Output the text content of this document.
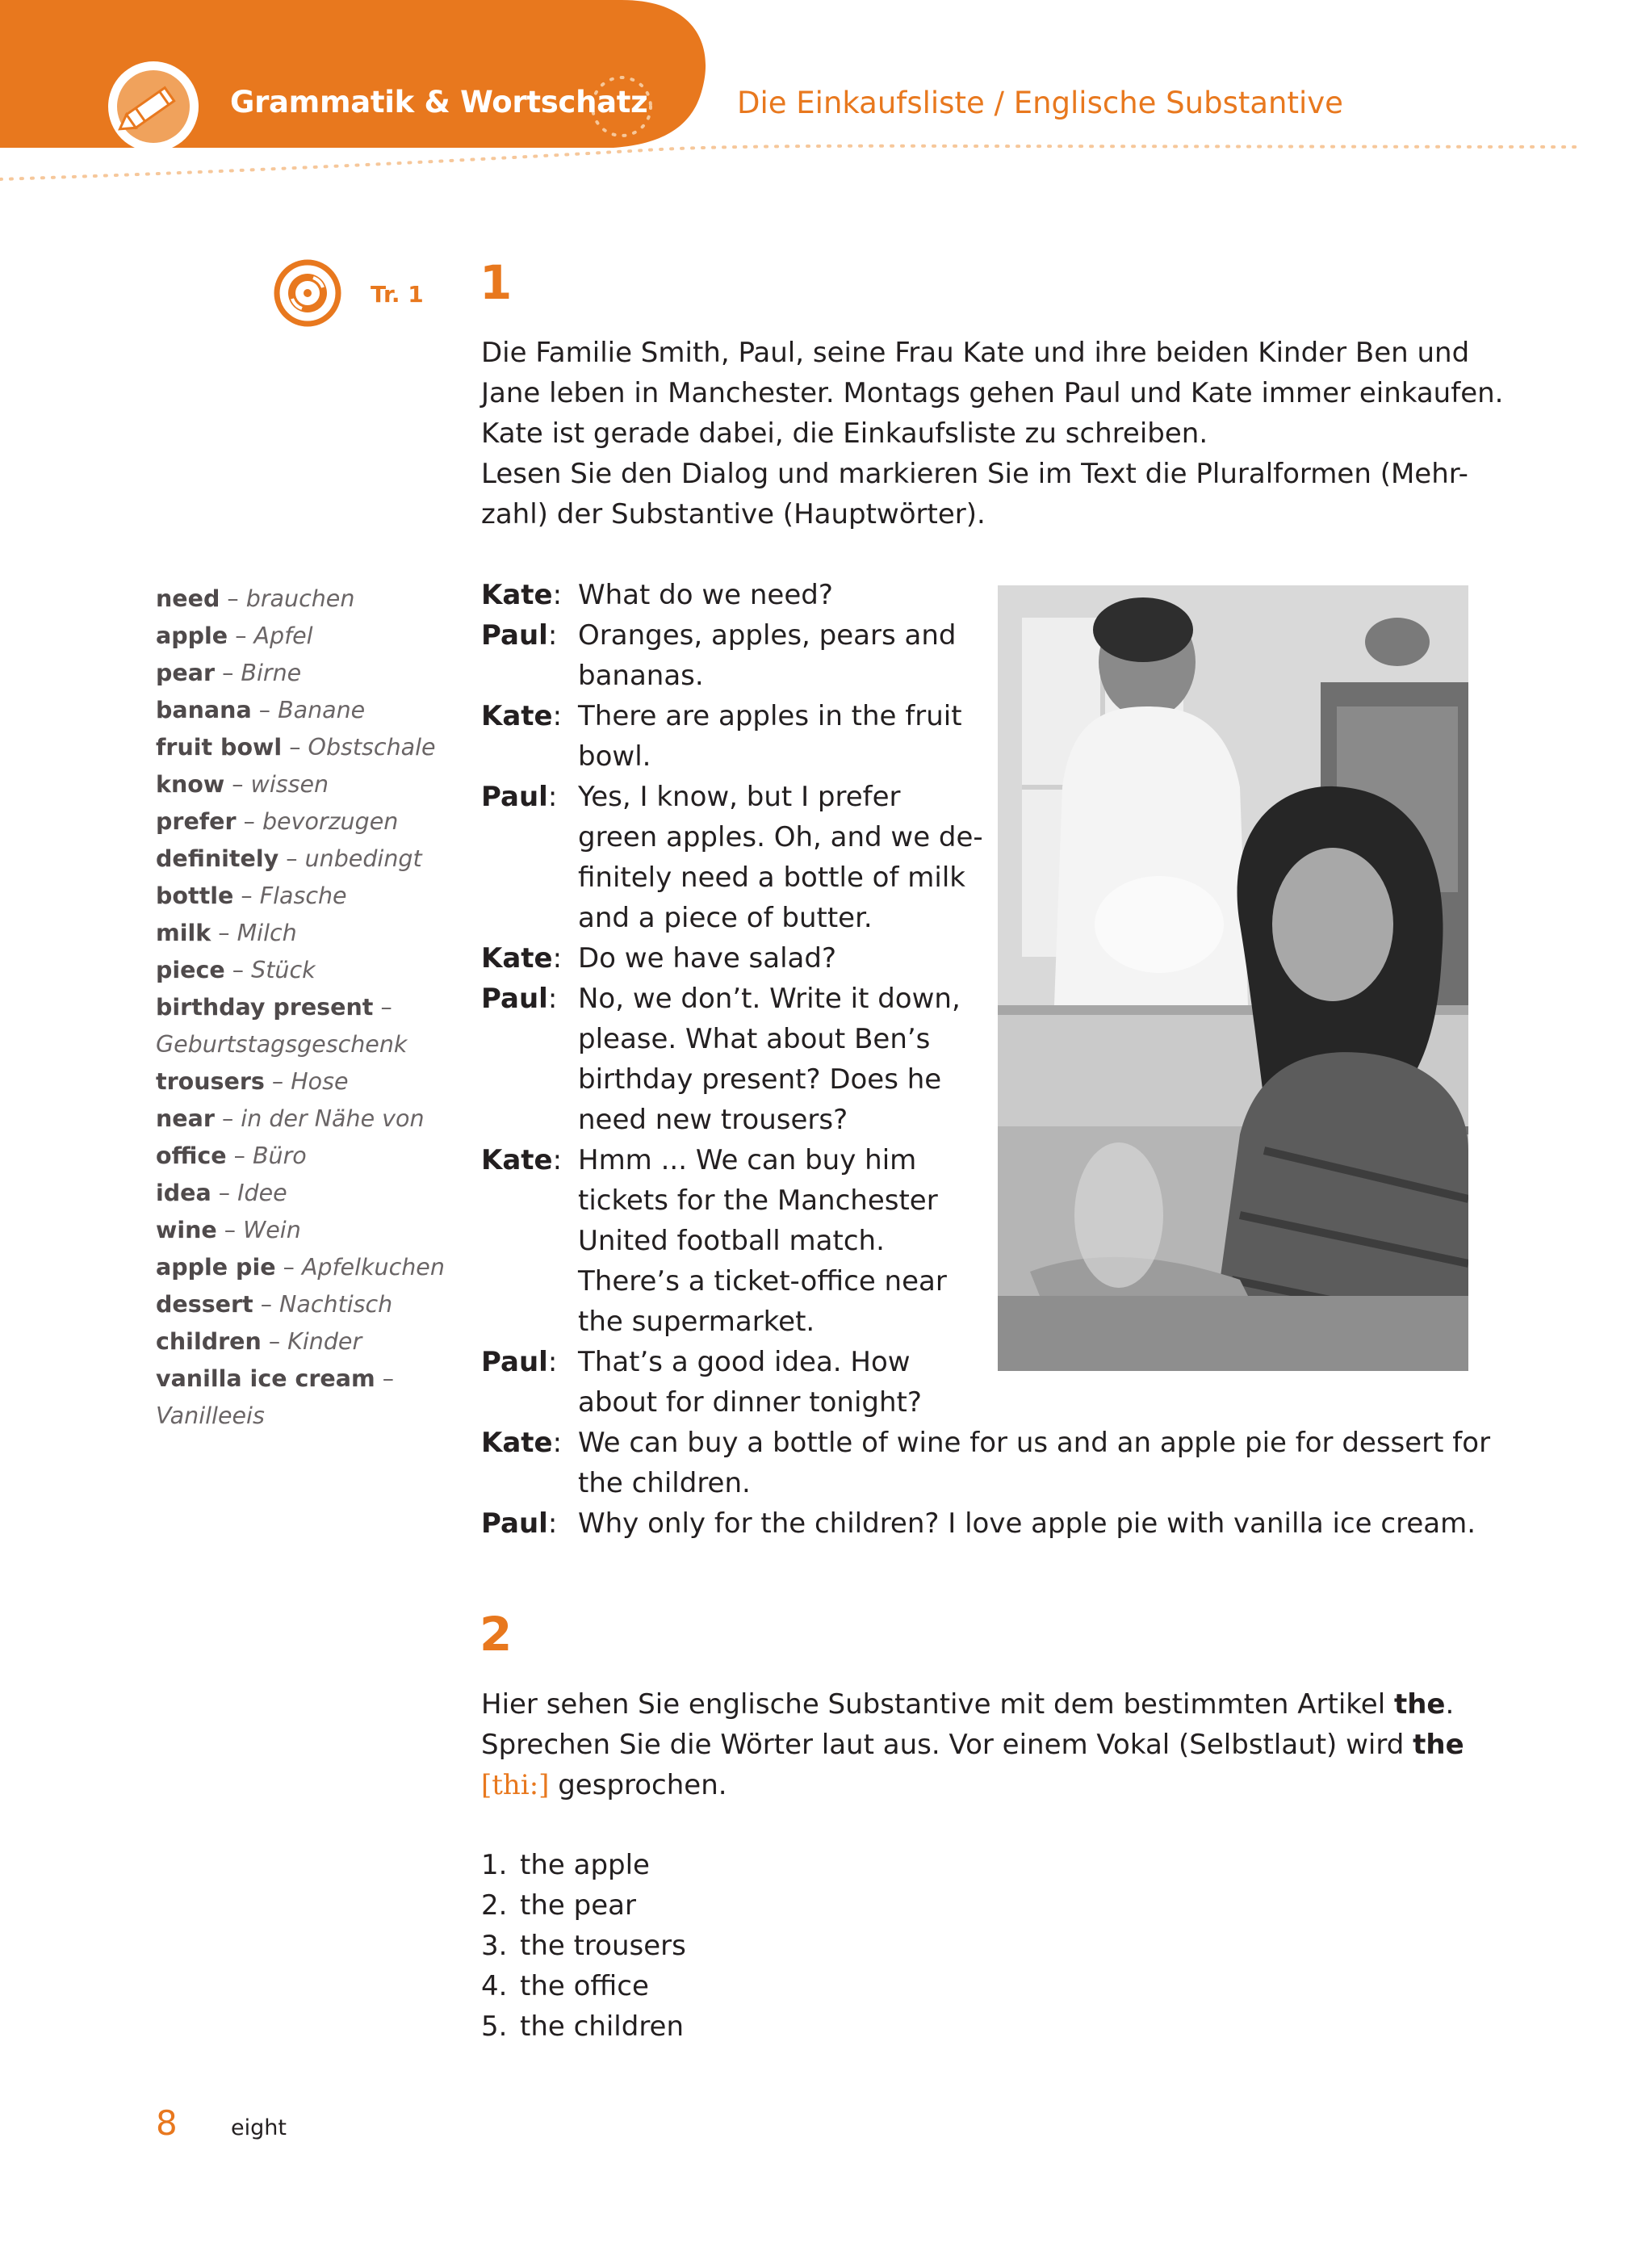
Grammatik & Wortschatz	Die Einkaufsliste / Englische Substantive
Tr. 1 1
Die Familie Smith, Paul, seine Frau Kate und ihre beiden Kinder Ben und
Jane leben in Manchester. Montags gehen Paul und Kate immer einkaufen.
Kate ist gerade dabei, die Einkaufsliste zu schreiben.
Lesen Sie den Dialog und markieren Sie im Text die Pluralformen (Mehr-
zahl) der Substantive (Hauptwörter).
need – brauchen
apple – Apfel
pear – Birne
banana – Banane
fruit bowl – Obstschale
know – wissen
prefer – bevorzugen
definitely – unbedingt
bottle – Flasche
milk – Milch
piece – Stück
birthday present –
Geburtstagsgeschenk
trousers – Hose
near – in der Nähe von
office – Büro
idea – Idee
wine – Wein
apple pie – Apfelkuchen
dessert – Nachtisch
children – Kinder
vanilla ice cream –
Vanilleeis
Kate: What do we need?
Paul: Oranges, apples, pears and
bananas.
Kate: There are apples in the fruit
bowl.
Paul: Yes, I know, but I prefer
green apples. Oh, and we de-
finitely need a bottle of milk
and a piece of butter.
Kate: Do we have salad?
Paul: No, we don’t. Write it down,
please. What about Ben’s
birthday present? Does he
need new trousers?
Kate: Hmm ... We can buy him
tickets for the Manchester
United football match.
There’s a ticket-office near
the supermarket.
Paul: That’s a good idea. How
about for dinner tonight?
Kate: We can buy a bottle of wine for us and an apple pie for dessert for
the children.
Paul: Why only for the children? I love apple pie with vanilla ice cream.
2
Hier sehen Sie englische Substantive mit dem bestimmten Artikel the.
Sprechen Sie die Wörter laut aus. Vor einem Vokal (Selbstlaut) wird the
[thi:] gesprochen.
1. the apple
2. the pear
3. the trousers
4. the office
5. the children
8 eight
